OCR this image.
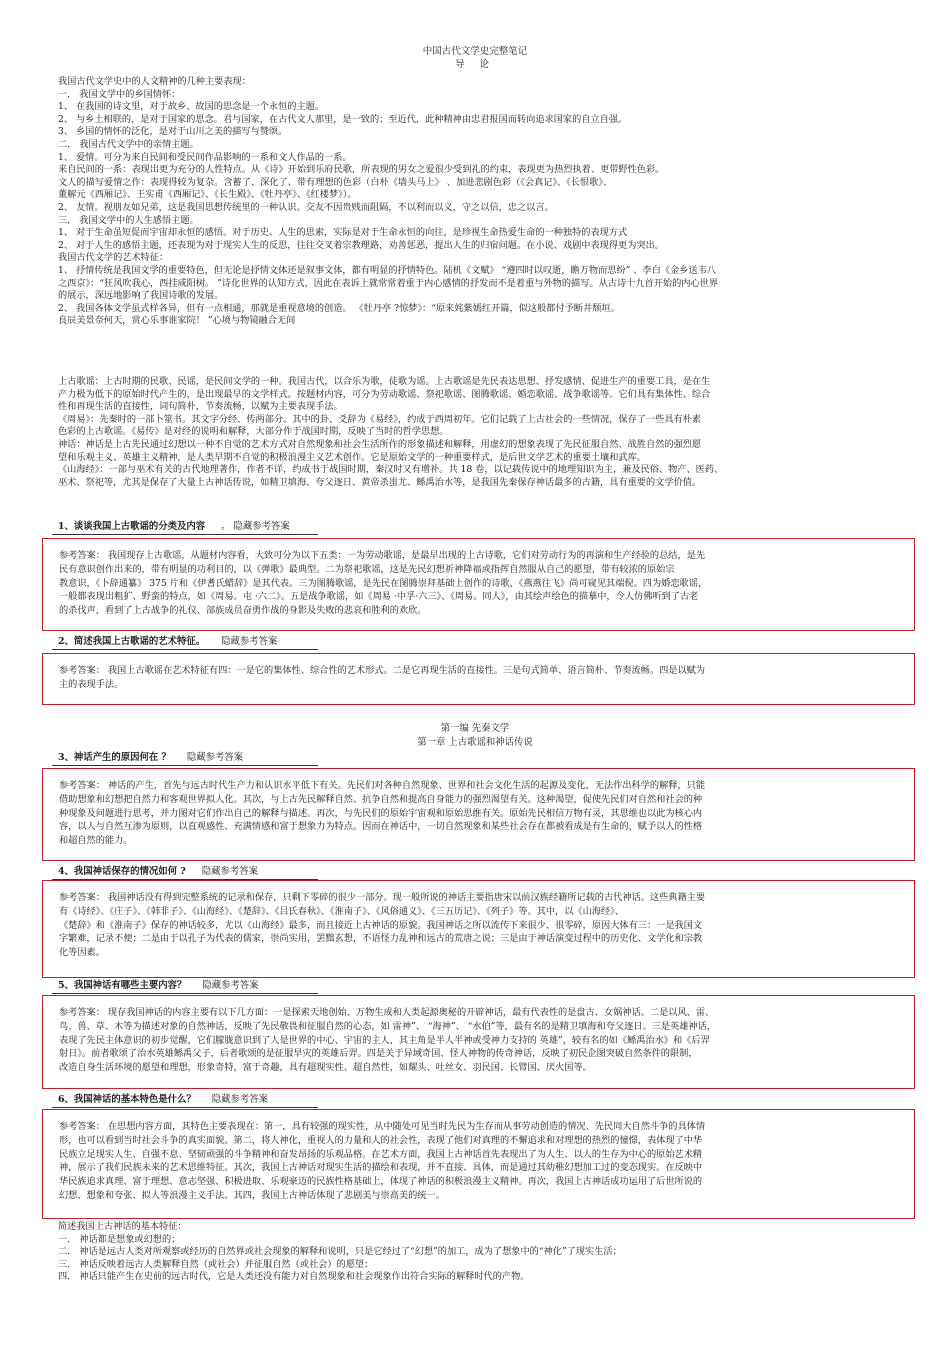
中国古代文学史完整笔记
导 论

我国古代文学史中的人文精神的几种主要表现：

一． 我国文学中的乡国情怀：

1、 在我国的诗文里，对于故乡、故国的思念是一个永恒的主题。

2、 与乡土相联的，是对于国家的思念。君与国家，在古代文人那里，是一致的；至近代，此种精神由忠君报国而转向追求国家的自立自强。

3、 乡国的情怀的泛化，是对于山川之美的描写与赞颂。

二． 我国古代文学中的亲情主题。

1、 爱情。可分为来自民间和受民间作品影响的一系和文人作品的一系。

来自民间的一系：表现出更为充分的人性特点。从《诗》开始到乐府民歌，所表现的男女之爱很少受到礼的约束，表现更为热烈执着、更带野性色彩。

文人的描写爱情之作：表现得较为复杂。含蓄了、深化了、带有理想的色彩（白朴《墙头马上》 、加进悲剧色彩（《会真记》、《长恨歌》、

董解元《西厢记》、王实甫《西厢记》、《长生殿》、《牡丹亭》、《红楼梦》）。

2、 友情。视朋友如兄弟，这是我国思想传统里的一种认识。交友不因贵贱而阻隔，不以利而以义，守之以信，忠之以言。

三． 我国文学中的人生感悟主题。

1、 对于生命虽短促而宇宙却永恒的感悟。对于历史、人生的思索，实际是对于生命永恒的向往，是珍视生命热爱生命的一种独特的表现方式

2、 对于人生的感悟主题，还表现为对于现实人生的反思，往往交叉着宗教理路，劝善惩恶，提出人生的归宿问题。在小说、戏剧中表现得更为突出。

我国古代文学的艺术特征：

1、 抒情传统是我国文学的重要特色，但无论是抒情文体还是叙事文体，都有明显的抒情特色。陆机《文赋》 “遵四时以叹逝，瞻万物而思纷” 、李白《金乡送韦八

之西京》：“狂风吹我心，西挂咸阳树。 ”诗化世界的认知方式，因此在表诉上就常常着重于内心感情的抒发而不是着重与外物的描写。从古诗十九首开始的内心世界

的展示，深远地影响了我国诗歌的发展。

2、 我国各体文学虽式样各异，但有一点相通，那就是重视意境的创造。 《牡丹亭 ?惊梦》：“原来姹紫嫣红开篇，似这般都付予断井颓垣。

良辰美景奈何天，赏心乐事谁家院！ ”心境与物镜融合无间

上古歌谣：上古时期的民歌、民谣，是民间文学的一种。我国古代，以合乐为歌，徒歌为谣。上古歌谣是先民表达思想、抒发感情、促进生产的重要工具，是在生

产力极为低下的原始时代产生的，是出现最早的文学样式。按题材内容，可分为劳动歌谣、祭祀歌谣、图腾歌谣、婚恋歌谣、战争歌谣等。它们具有集体性、综合

性和再现生活的直接性，词句简朴，节奏流畅，以赋为主要表现手法。

《周易》：先秦时的一部卜筮书。其文字分经、传两部分。其中的卦、爻辞为《易经》，约成于西周初年。它们记载了上古社会的一些情况，保存了一些具有朴素

色彩的上古歌谣。《易传》是对经的说明和解释，大部分作于战国时期，反映了当时的哲学思想。

神话：神话是上古先民通过幻想以一种不自觉的艺术方式对自然现象和社会生活所作的形象描述和解释，用虚幻的想象表现了先民征服自然、战胜自然的强烈愿

望和乐观主义、英雄主义精神，是人类早期不自觉的积极浪漫主义艺术创作。它是原始文学的一种重要样式，是后世文学艺术的重要土壤和武库。

《山海经》：一部与巫术有关的古代地理著作，作者不详，约成书于战国时期，秦汉时又有增补。共 18 卷，以记载传说中的地理知识为主，兼及民俗、物产、医药、

巫术、祭祀等，尤其是保存了大量上古神话传说，如精卫填海、夸父逐日、黄帝杀蚩尤、鲧禹治水等，是我国先秦保存神话最多的古籍，具有重要的文学价值。

1、谈谈我国上古歌谣的分类及内容 。 隐藏参考答案

参考答案： 我国现存上古歌谣，从题材内容看，大致可分为以下五类：一为劳动歌谣，是最早出现的上古诗歌，它们对劳动行为的再演和生产经验的总结，是先

民有意识创作出来的，带有明显的功利目的，以《弹歌》最典型。二为祭祀歌谣，这是先民幻想祈神降福或指挥自然服从自己的愿望，带有较浓的原始宗

教意识，《卜辞通纂》 375 片和《伊耆氏蜡辞》是其代表。三为图腾歌谣，是先民在图腾崇拜基础上创作的诗歌，《燕燕往飞》尚可窥见其端倪。四为婚恋歌谣，

一般都表现出粗犷、野蛮的特点，如《周易。屯 ·六二》。五是战争歌谣，如《周易 ·中孚·六三》、《周易。同人》，由其绘声绘色的描摹中，令人仿佛听到了古老

的杀伐声，看到了上古战争的礼仪、部族成员奋勇作战的身影及失败的悲哀和胜利的欢欣。

2、简述我国上古歌谣的艺术特征。 隐藏参考答案

参考答案： 我国上古歌谣在艺术特征有四：一是它的集体性、综合性的艺术形式。二是它再现生活的直接性。三是句式简单、语言简朴、节奏流畅。四是以赋为

主的表现手法。

第一编 先秦文学
第一章 上古歌谣和神话传说
3、神话产生的原因何在 ？ 隐藏参考答案

参考答案： 神话的产生，首先与远古时代生产力和认识水平低下有关。先民们对各种自然现象、世界和社会文化生活的起源及变化，无法作出科学的解释，只能

借助想象和幻想把自然力和客观世界拟人化。其次，与上古先民解释自然、抗争自然和提高自身能力的强烈渴望有关。这种渴望，促使先民们对自然和社会的种

种现象及问题进行思考，并力图对它们作出自己的解释与描述。再次，与先民们的原始宇宙观和原始思维有关。原始先民相信万物有灵，其思维也以此为核心内

容，以人与自然互渗为原则，以直观感性、充满情感和富于想象力为特点。因而在神话中，一切自然现象和某些社会存在都被看成是有生命的，赋予以人的性格

和超自然的能力。

4、我国神话保存的情况如何 ? 隐藏参考答案

参考答案： 我国神话没有得到完整系统的记录和保存，只剩下零碎的很少一部分。现一般所说的神话主要指唐宋以前汉族经籍所记载的古代神话。这些典籍主要

有《诗经》、《庄子》、《韩非子》、《山海经》、《楚辞》、《吕氏春秋》、《淮南子》、《风俗通义》、《三五历记》、《列子》等。其中，以《山海经》、

《楚辞》和《淮南子》保存的神话较多，尤以《山海经》最多，而且接近上古神话的原貌。我国神话之所以流传下来很少、很零碎，原因大体有三：一是我国文

字繁难，记录不便；二是由于以孔子为代表的儒家，崇尚实用，罢黜玄想，不语怪力乱神和远古的荒唐之说；三是由于神话演变过程中的历史化、文学化和宗教

化等因素。

5、我国神话有哪些主要内容？ 隐藏参考答案

参考答案： 现存我国神话的内容主要有以下几方面：一是探索天地创始、万物生成和人类起源奥秘的开辟神话，最有代表性的是盘古、女娲神话。二是以风、雷、

鸟、兽、草、木等为描述对象的自然神话，反映了先民敬畏和征服自然的心态，如 雷神”、 “海神”、 “水伯”等，最有名的是精卫填海和夸父逐日。三是英雄神话，

表现了先民主体意识的初步觉醒，它们朦胧意识到了人是世界的中心、宇宙的主人，其主角是半人半神或受神力支持的 英雄”，较有名的如《鲧禹治水》和《后羿

射日》。前者歌颂了治水英雄鲧禹父子，后者歌颂的是征服旱灾的英雄后羿。四是关于异域奇国、怪人神物的传奇神话，反映了初民企图突破自然条件的限制，

改造自身生活环境的愿望和理想，形象奇特，富于奇趣，具有超现实性、超自然性，如耀头、吐丝女、羽民国、长臂国、厌火国等。

6、我国神话的基本特色是什么？ 隐藏参考答案

参考答案： 在思想内容方面，其特色主要表现在：第一，具有较强的现实性，从中随处可见当时先民为生存而从事劳动创造的情况、先民同大自然斗争的具体情

形，也可以看到当时社会斗争的真实面貌。第二，将人神化，重视人的力量和人的社会性，表现了他们对真理的不懈追求和对理想的热烈的憧憬，表体现了中华

民族立足现实人生、自强不息、坚韧顽强的斗争精神和奋发昂扬的乐观品格。在艺术方面，我国上古神话首先表现出了为人生、以人的生存为中心的原始艺术精

神，展示了我们民族未来的艺术思维特征。其次，我国上古神话对现实生活的描绘和表现，并不直接、具体，而是通过其幼稚幻想加工过的变态现实。在反映中

华民族追求真理、富于理想、意志坚强、积极进取、乐观豪迈的民族性格基础上，体现了神话的积极浪漫主义精神。再次，我国上古神话成功运用了后世所说的

幻想、想象和夸张、拟人等浪漫主义手法。其四，我国上古神话体现了悲剧美与崇高美的统一。

简述我国上古神话的基本特征：

一． 神话都是想象或幻想的；

二． 神话是远古人类对所观察或经历的自然界或社会现象的解释和说明，只是它经过了“幻想”的加工，成为了想象中的“神化”了现实生活；

三． 神话反映着远古人类解释自然（或社会）并征服自然（或社会）的愿望；

四． 神话只能产生在史前的远古时代，它是人类还没有能力对自然现象和社会现象作出符合实际的解释时代的产物。
